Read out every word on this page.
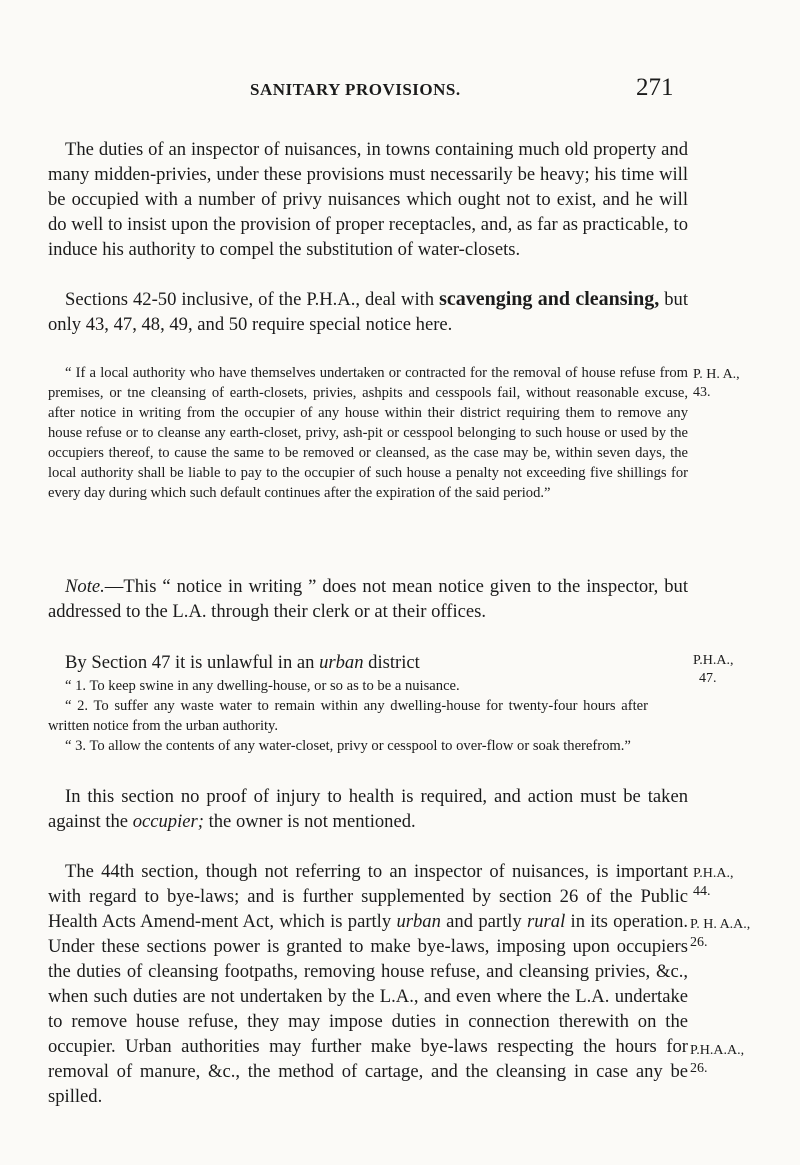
SANITARY PROVISIONS.	271

The duties of an inspector of nuisances, in towns containing much old property and many midden-privies, under these provisions must necessarily be heavy; his time will be occupied with a number of privy nuisances which ought not to exist, and he will do well to insist upon the provision of proper receptacles, and, as far as practicable, to induce his authority to compel the substitution of water-closets.

Sections 42-50 inclusive, of the P.H.A., deal with scavenging and cleansing, but only 43, 47, 48, 49, and 50 require special notice here.

“ If a local authority who have themselves undertaken or contracted for the removal of house refuse from premises, or tne cleansing of earth-closets, privies, ashpits and cesspools fail, without reasonable excuse, after notice in writing from the occupier of any house within their district requiring them to remove any house refuse or to cleanse any earth-closet, privy, ash-pit or cesspool belonging to such house or used by the occupiers thereof, to cause the same to be removed or cleansed, as the case may be, within seven days, the local authority shall be liable to pay to the occupier of such house a penalty not exceeding five shillings for every day during which such default continues after the expiration of the said period.”

Note.—This “ notice in writing ” does not mean notice given to the inspector, but addressed to the L.A. through their clerk or at their offices.

By Section 47 it is unlawful in an urban district

“ 1. To keep swine in any dwelling-house, or so as to be a nuisance.

“ 2. To suffer any waste water to remain within any dwelling-house for twenty-four hours after written notice from the urban authority.

“ 3. To allow the contents of any water-closet, privy or cesspool to over-flow or soak therefrom.”

In this section no proof of injury to health is required, and action must be taken against the occupier; the owner is not mentioned.

The 44th section, though not referring to an inspector of nuisances, is important with regard to bye-laws; and is further supplemented by section 26 of the Public Health Acts Amend-ment Act, which is partly urban and partly rural in its operation. Under these sections power is granted to make bye-laws, imposing upon occupiers the duties of cleansing footpaths, removing house refuse, and cleansing privies, &c., when such duties are not undertaken by the L.A., and even where the L.A. undertake to remove house refuse, they may impose duties in connection therewith on the occupier. Urban authorities may further make bye-laws respecting the hours for removal of manure, &c., the method of cartage, and the cleansing in case any be spilled.

P. H. A.,
43.
P.H.A.,
47.
P.H.A.,
44.
P. H. A.A.,
26.
P.H.A.A.,
26.
